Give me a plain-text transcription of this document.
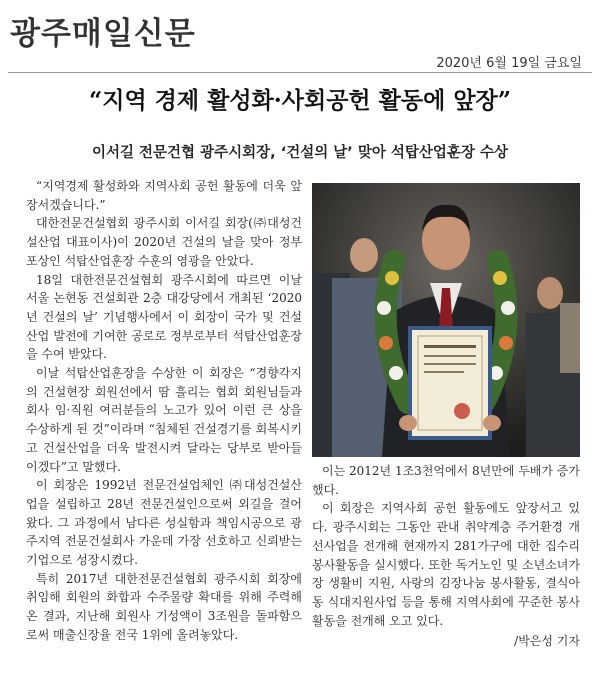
광주매일신문
2020년 6월 19일 금요일
“지역 경제 활성화·사회공헌 활동에 앞장”
이서길 전문건협 광주시회장, ‘건설의 날’ 맞아 석탑산업훈장 수상

“지역경제 활성화와 지역사회 공헌 활동에 더욱 앞장서겠습니다.”

대한전문건설협회 광주시회 이서길 회장(㈜대성건설산업 대표이사)이 2020년 건설의 날을 맞아 정부포상인 석탑산업훈장 수훈의 영광을 안았다.

18일 대한전문건설협회 광주시회에 따르면 이날 서울 논현동 건설회관 2층 대강당에서 개최된 ‘2020년 건설의 날’ 기념행사에서 이 회장이 국가 및 건설산업 발전에 기여한 공로로 정부로부터 석탑산업훈장을 수여 받았다.

이날 석탑산업훈장을 수상한 이 회장은 “경향각지의 건설현장 회원선에서 땀 흘리는 협회 회원님들과 회사 임·직원 여러분들의 노고가 있어 이런 큰 상을 수상하게 된 것”이라며 “침체된 건설경기를 회복시키고 건설산업을 더욱 발전시켜 달라는 당부로 받아들이겠다”고 말했다.

이 회장은 1992년 전문건설업체인 ㈜대성건설산업을 설립하고 28년 전문건설인으로써 외길을 걸어왔다. 그 과정에서 남다른 성실함과 책임시공으로 광주지역 전문건설회사 가운데 가장 선호하고 신뢰받는 기업으로 성장시켰다.

특히 2017년 대한전문건설협회 광주시회 회장에 취임해 회원의 화합과 수주물량 확대를 위해 주력해온 결과, 지난해 회원사 기성액이 3조원을 돌파함으로써 매출신장율 전국 1위에 올려놓았다.

이는 2012년 1조3천억에서 8년만에 두배가 증가했다.

이 회장은 지역사회 공헌 활동에도 앞장서고 있다. 광주시회는 그동안 관내 취약계층 주거환경 개선사업을 전개해 현재까지 281가구에 대한 집수리 봉사활동을 실시했다. 또한 독거노인 및 소년소녀가장 생활비 지원, 사랑의 김장나눔 봉사활동, 결식아동 식대지원사업 등을 통해 지역사회에 꾸준한 봉사활동을 전개해 오고 있다.

/박은성 기자
